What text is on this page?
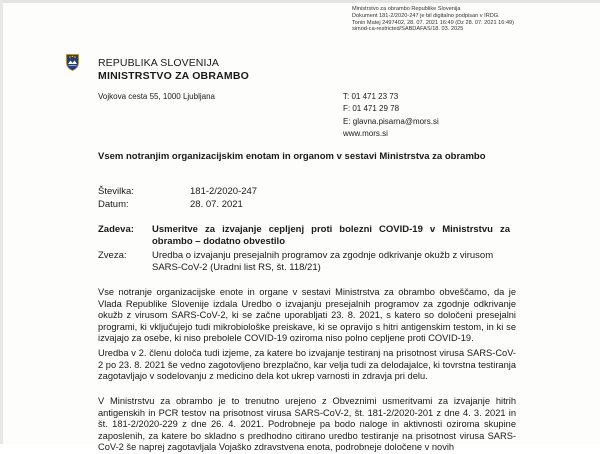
Ministrstvo za obrambo Republike Slovenija
Dokument 181-2/2020-247 je bil digitalno podpisan v IRDG.
Tonin Matej 2497402, 28. 07. 2021 16:49 (Dz 28. 07. 2021 16:49)
simod-ca-restricted/SABDAFAS/18. 03. 2025
REPUBLIKA SLOVENIJA
MINISTRSTVO ZA OBRAMBO
Vojkova cesta 55, 1000 Ljubljana	T: 01 471 23 73
F: 01 471 29 78
E: glavna.pisarna@mors.si
www.mors.si
Vsem notranjim organizacijskim enotam in organom v sestavi Ministrstva za obrambo
Številka:	181-2/2020-247
Datum:	28. 07. 2021
Zadeva: Usmeritve za izvajanje cepljenj proti bolezni COVID-19 v Ministrstvu za obrambo – dodatno obvestilo
Zveza:	Uredba o izvajanju presejalnih programov za zgodnje odkrivanje okužb z virusom SARS-CoV-2 (Uradni list RS, št. 118/21)
Vse notranje organizacijske enote in organe v sestavi Ministrstva za obrambo obveščamo, da je Vlada Republike Slovenije izdala Uredbo o izvajanju presejalnih programov za zgodnje odkrivanje okužb z virusom SARS-CoV-2, ki se začne uporabljati 23. 8. 2021, s katero so določeni presejalni programi, ki vključujejo tudi mikrobiološke preiskave, ki se opravijo s hitri antigenskim testom, in ki se izvajajo za osebe, ki niso prebolele COVID-19 oziroma niso polno cepljene proti COVID-19.
Uredba v 2. členu določa tudi izjeme, za katere bo izvajanje testiranj na prisotnost virusa SARS-CoV-2 po 23. 8. 2021 še vedno zagotovljeno brezplačno, kar velja tudi za delodajalce, ki tovrstna testiranja zagotavljajo v sodelovanju z medicino dela kot ukrep varnosti in zdravja pri delu.
V Ministrstvu za obrambo je to trenutno urejeno z Obveznimi usmeritvami za izvajanje hitrih antigenskih in PCR testov na prisotnost virusa SARS-CoV-2, št. 181-2/2020-201 z dne 4. 3. 2021 in št. 181-2/2020-229 z dne 26. 4. 2021. Podrobneje pa bodo naloge in aktivnosti oziroma skupine zaposlenih, za katere bo skladno s predhodno citirano uredbo testiranje na prisotnost virusa SARS-CoV-2 še naprej zagotavljala Vojaško zdravstvena enota, podrobneje določene v novih
